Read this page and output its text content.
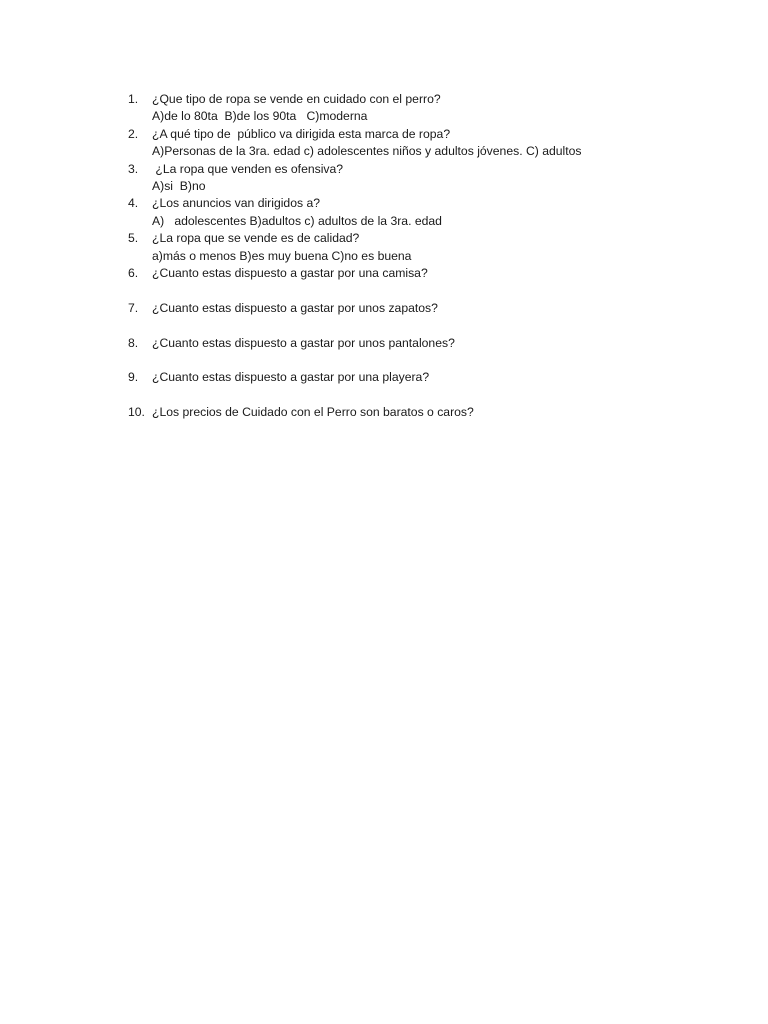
1.	¿Que tipo de ropa se vende en cuidado con el perro?
A)de lo 80ta  B)de los 90ta   C)moderna
2.	¿A qué tipo de  público va dirigida esta marca de ropa?
A)Personas de la 3ra. edad c) adolescentes niños y adultos jóvenes. C) adultos
3.	¿La ropa que venden es ofensiva?
A)si  B)no
4.	¿Los anuncios van dirigidos a?
A)   adolescentes B)adultos c) adultos de la 3ra. edad
5.	¿La ropa que se vende es de calidad?
a)más o menos B)es muy buena C)no es buena
6.	¿Cuanto estas dispuesto a gastar por una camisa?
7.	¿Cuanto estas dispuesto a gastar por unos zapatos?
8.	¿Cuanto estas dispuesto a gastar por unos pantalones?
9.	¿Cuanto estas dispuesto a gastar por una playera?
10. ¿Los precios de Cuidado con el Perro son baratos o caros?
